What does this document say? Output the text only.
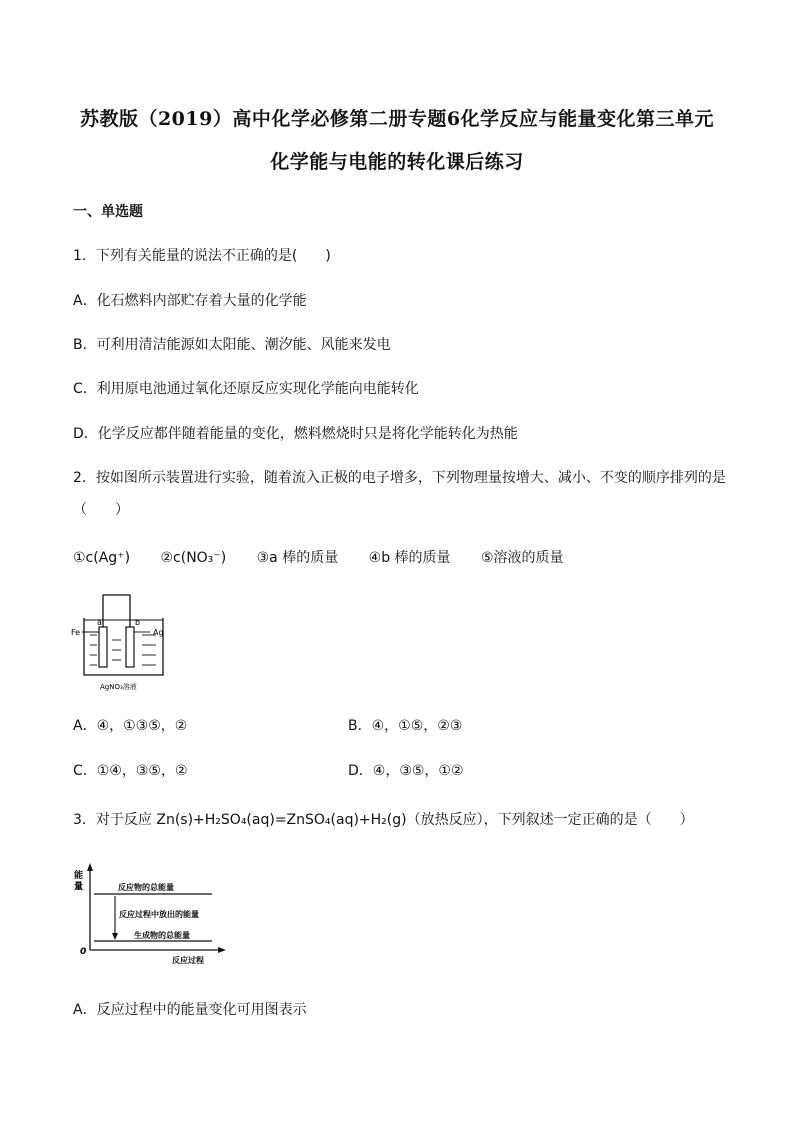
苏教版（2019）高中化学必修第二册专题6化学反应与能量变化第三单元
化学能与电能的转化课后练习
一、单选题
1．下列有关能量的说法不正确的是(　　)
A．化石燃料内部贮存着大量的化学能
B．可利用清洁能源如太阳能、潮汐能、风能来发电
C．利用原电池通过氧化还原反应实现化学能向电能转化
D．化学反应都伴随着能量的变化，燃料燃烧时只是将化学能转化为热能
2．按如图所示装置进行实验，随着流入正极的电子增多，下列物理量按增大、减小、不变的顺序排列的是
（　　）
①c(Ag⁺) ②c(NO₃⁻) ③a 棒的质量 ④b 棒的质量 ⑤溶液的质量
Fe	Ag
a	b
AgNO₃溶液
A．④，①③⑤，②	B．④，①⑤，②③
C．①④，③⑤，②	D．④，③⑤，①②
3．对于反应 Zn(s)+H₂SO₄(aq)=ZnSO₄(aq)+H₂(g)（放热反应），下列叙述一定正确的是（　　）
能
量
0
反应过程
反应物的总能量
生成物的总能量
反应过程中放出的能量
A．反应过程中的能量变化可用图表示
